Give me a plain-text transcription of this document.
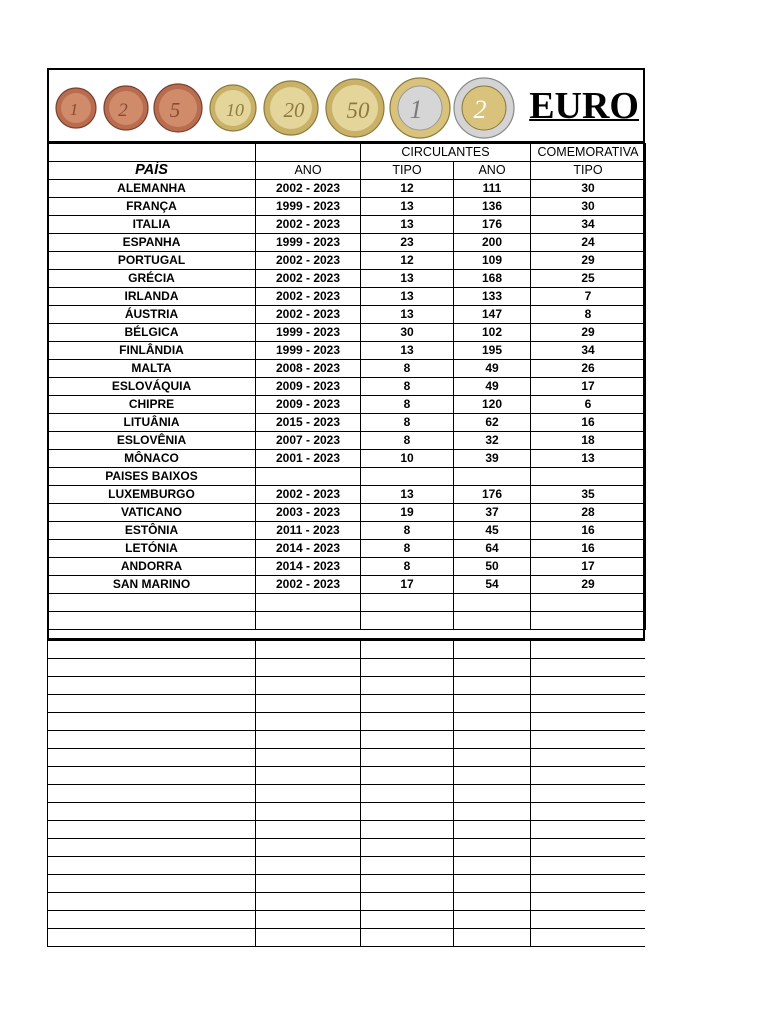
1 2 5	10 20 50 1 2 EURO
		CIRCULANTES		COMEMORATIVA
PAÍS	ANO	TIPO	ANO	TIPO
ALEMANHA	2002 - 2023	12	111	30
FRANÇA	1999 - 2023	13	136	30
ITALIA	2002 - 2023	13	176	34
ESPANHA	1999 - 2023	23	200	24
PORTUGAL	2002 - 2023	12	109	29
GRÉCIA	2002 - 2023	13	168	25
IRLANDA	2002 - 2023	13	133	7
ÁUSTRIA	2002 - 2023	13	147	8
BÉLGICA	1999 - 2023	30	102	29
FINLÂNDIA	1999 - 2023	13	195	34
MALTA	2008 - 2023	8	49	26
ESLOVÁQUIA	2009 - 2023	8	49	17
CHIPRE	2009 - 2023	8	120	6
LITUÂNIA	2015 - 2023	8	62	16
ESLOVÊNIA	2007 - 2023	8	32	18
MÔNACO	2001 - 2023	10	39	13
PAISES BAIXOS				
LUXEMBURGO	2002 - 2023	13	176	35
VATICANO	2003 - 2023	19	37	28
ESTÔNIA	2011 - 2023	8	45	16
LETÓNIA	2014 - 2023	8	64	16
ANDORRA	2014 - 2023	8	50	17
SAN MARINO	2002 - 2023	17	54	29
